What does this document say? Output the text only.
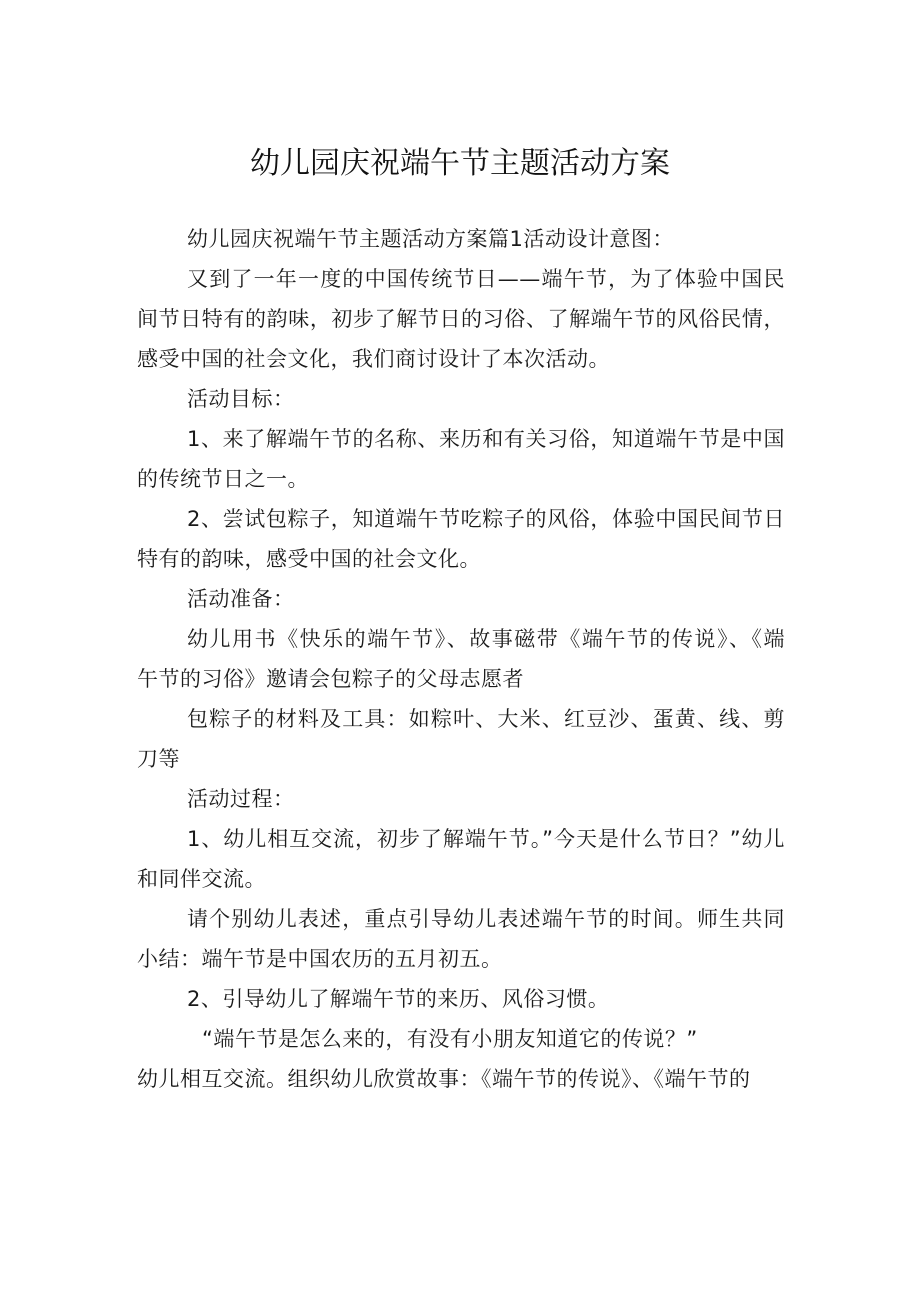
幼儿园庆祝端午节主题活动方案

幼儿园庆祝端午节主题活动方案篇1活动设计意图：

又到了一年一度的中国传统节日——端午节，为了体验中国民间节日特有的韵味，初步了解节日的习俗、了解端午节的风俗民情，感受中国的社会文化，我们商讨设计了本次活动。

活动目标：

1、来了解端午节的名称、来历和有关习俗，知道端午节是中国的传统节日之一。

2、尝试包粽子，知道端午节吃粽子的风俗，体验中国民间节日特有的韵味，感受中国的社会文化。

活动准备：

幼儿用书《快乐的端午节》、故事磁带《端午节的传说》、《端 午节的习俗》邀请会包粽子的父母志愿者

包粽子的材料及工具：如粽叶、大米、红豆沙、蛋黄、线、剪刀等

活动过程：

1、幼儿相互交流，初步了解端午节。”今天是什么节日？”幼儿和同伴交流。

请个别幼儿表述，重点引导幼儿表述端午节的时间。师生共同小结：端午节是中国农历的五月初五。

2、引导幼儿了解端午节的来历、风俗习惯。

“端午节是怎么来的，有没有小朋友知道它的传说？”

幼儿相互交流。组织幼儿欣赏故事：《端午节的传说》、《端午节的
